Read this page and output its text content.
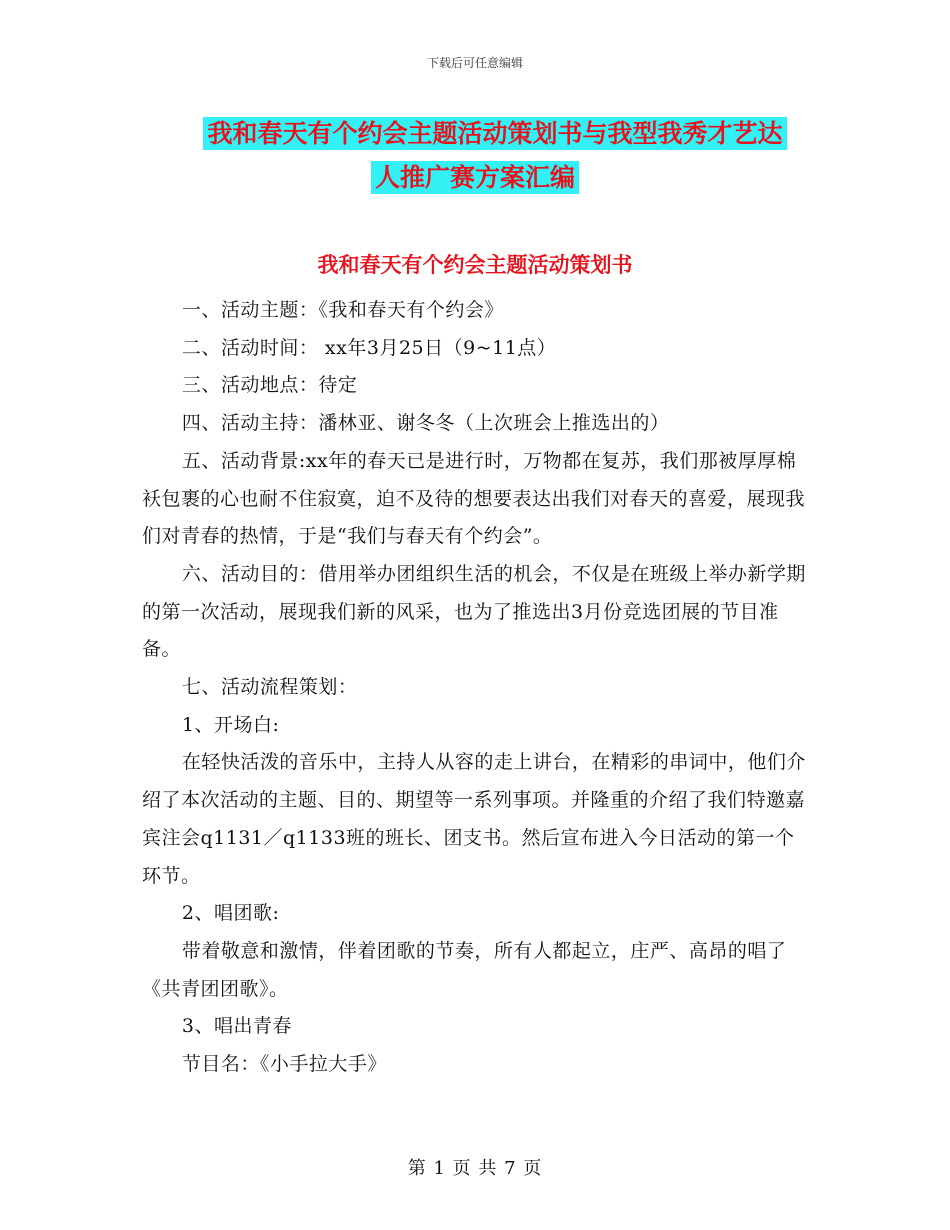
下载后可任意编辑
我和春天有个约会主题活动策划书与我型我秀才艺达
人推广赛方案汇编
我和春天有个约会主题活动策划书

一、活动主题：《我和春天有个约会》

二、活动时间： xx年3月25日（9~11点）

三、活动地点：待定

四、活动主持：潘林亚、谢冬冬（上次班会上推选出的）

五、活动背景:xx年的春天已是进行时，万物都在复苏，我们那被厚厚棉袄包裹的心也耐不住寂寞，迫不及待的想要表达出我们对春天的喜爱，展现我们对青春的热情，于是“我们与春天有个约会”。

六、活动目的：借用举办团组织生活的机会，不仅是在班级上举办新学期的第一次活动，展现我们新的风采，也为了推选出3月份竞选团展的节目准备。

七、活动流程策划：

1、开场白:

在轻快活泼的音乐中，主持人从容的走上讲台，在精彩的串词中，他们介绍了本次活动的主题、目的、期望等一系列事项。并隆重的介绍了我们特邀嘉宾注会q1131／q1133班的班长、团支书。然后宣布进入今日活动的第一个环节。

2、唱团歌:

带着敬意和激情，伴着团歌的节奏，所有人都起立，庄严、高昂的唱了《共青团团歌》。

3、唱出青春

节目名：《小手拉大手》

第 1 页 共 7 页
